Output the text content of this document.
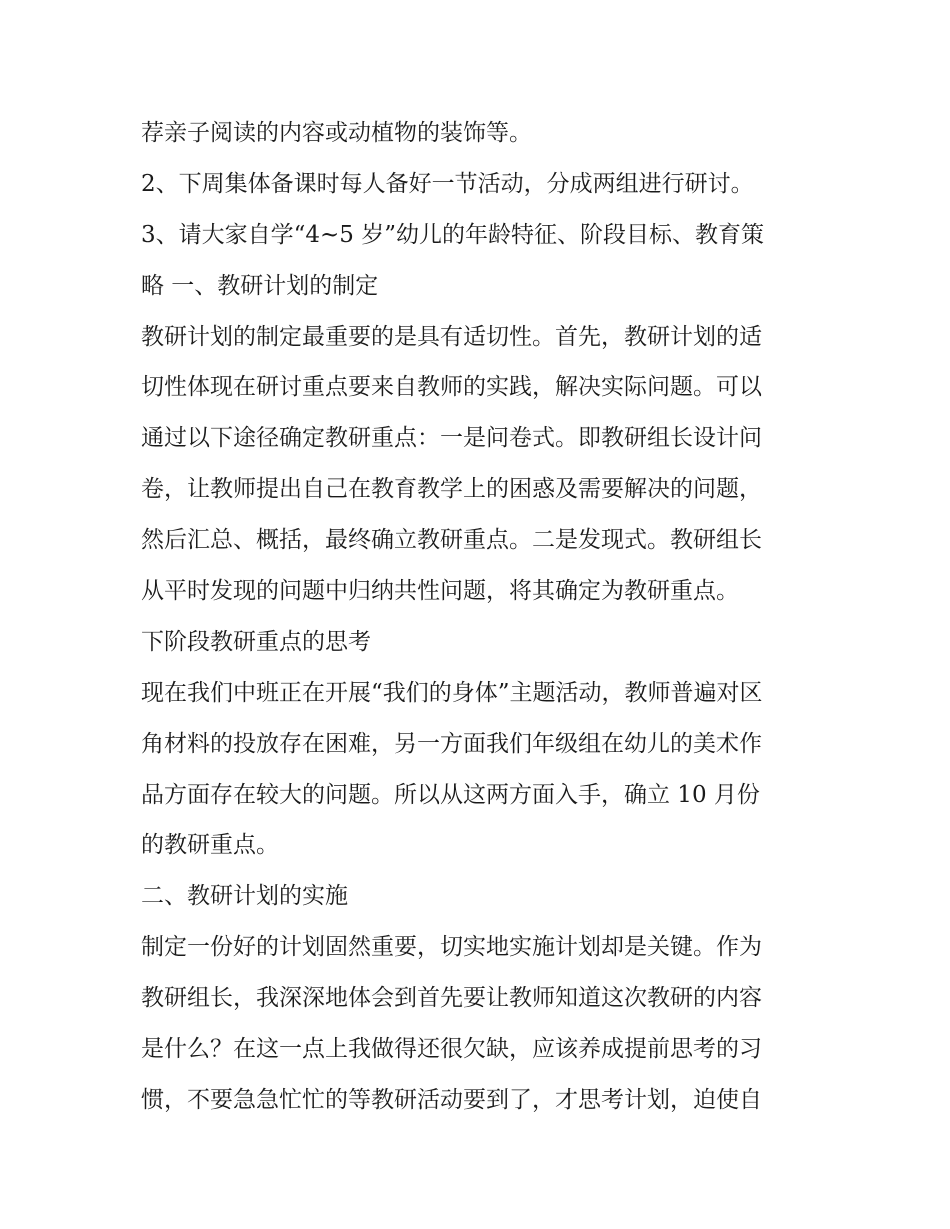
荐亲子阅读的内容或动植物的装饰等。
2、下周集体备课时每人备好一节活动，分成两组进行研讨。
3、请大家自学“4~5 岁”幼儿的年龄特征、阶段目标、教育策
略 一、教研计划的制定
教研计划的制定最重要的是具有适切性。首先，教研计划的适
切性体现在研讨重点要来自教师的实践，解决实际问题。可以
通过以下途径确定教研重点：一是问卷式。即教研组长设计问
卷，让教师提出自己在教育教学上的困惑及需要解决的问题，
然后汇总、概括，最终确立教研重点。二是发现式。教研组长
从平时发现的问题中归纳共性问题，将其确定为教研重点。
下阶段教研重点的思考
现在我们中班正在开展“我们的身体”主题活动，教师普遍对区
角材料的投放存在困难，另一方面我们年级组在幼儿的美术作
品方面存在较大的问题。所以从这两方面入手，确立 10 月份
的教研重点。
二、教研计划的实施
制定一份好的计划固然重要，切实地实施计划却是关键。作为
教研组长，我深深地体会到首先要让教师知道这次教研的内容
是什么？在这一点上我做得还很欠缺，应该养成提前思考的习
惯，不要急急忙忙的等教研活动要到了，才思考计划，迫使自
